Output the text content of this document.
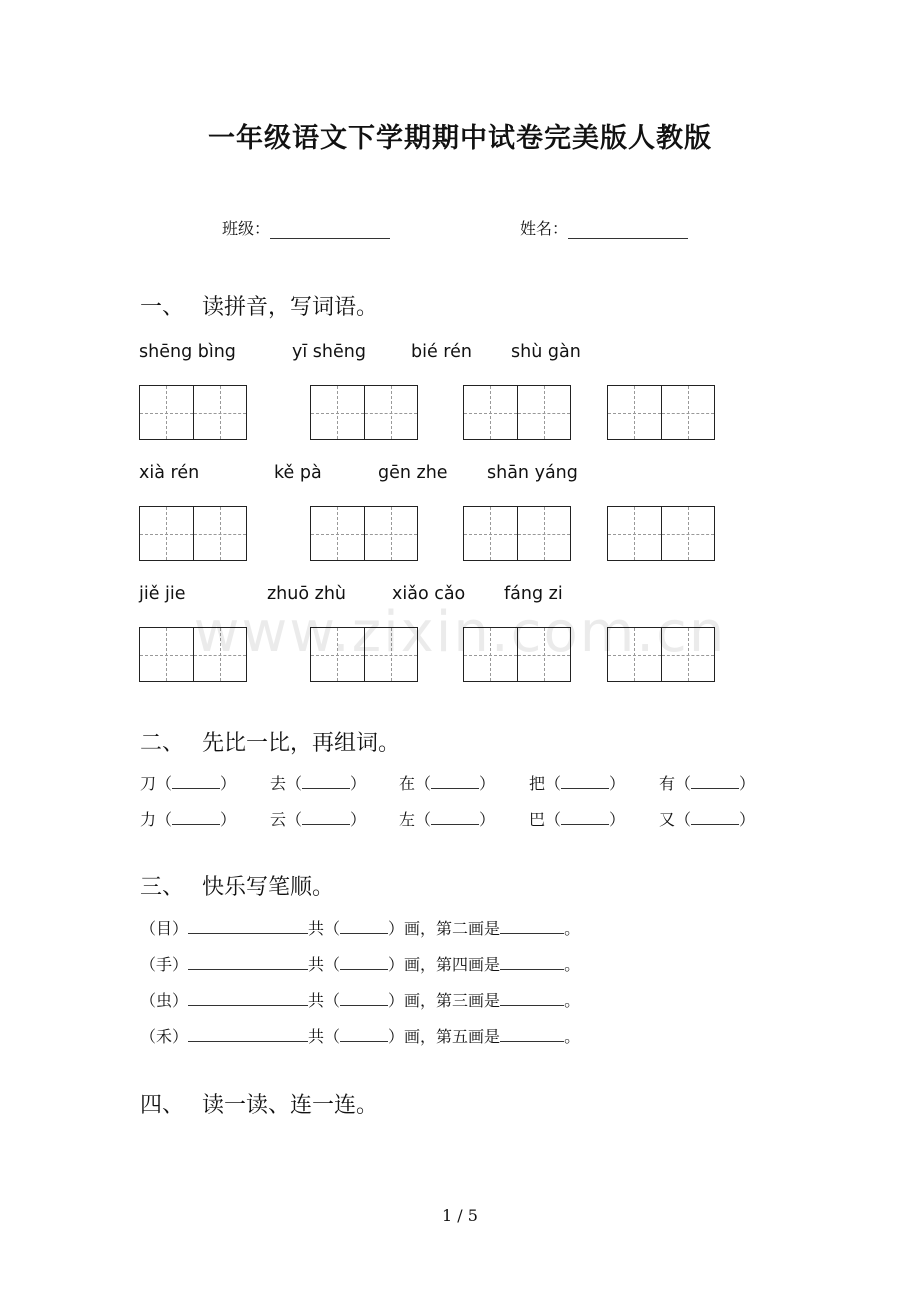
一年级语文下学期期中试卷完美版人教版
班级：	姓名：
一、 读拼音，写词语。
shēng bìng	yī shēng	bié rén shù gàn
xià rén	kě pà	gēn zhe shān yáng
jiě jie	zhuō zhù	xiǎo cǎo fáng zi
www.zixin.com.cn
二、 先比一比，再组词。
刀（	） 去（	） 在（	） 把（	） 有（	）
力（	） 云（	） 左（	） 巴（	） 又（	）
三、 快乐写笔顺。
（目）	共（	）画，第二画是	。
（手）	共（	）画，第四画是	。
（虫）	共（	）画，第三画是	。
（禾）	共（	）画，第五画是	。
四、 读一读、连一连。
1 / 5
